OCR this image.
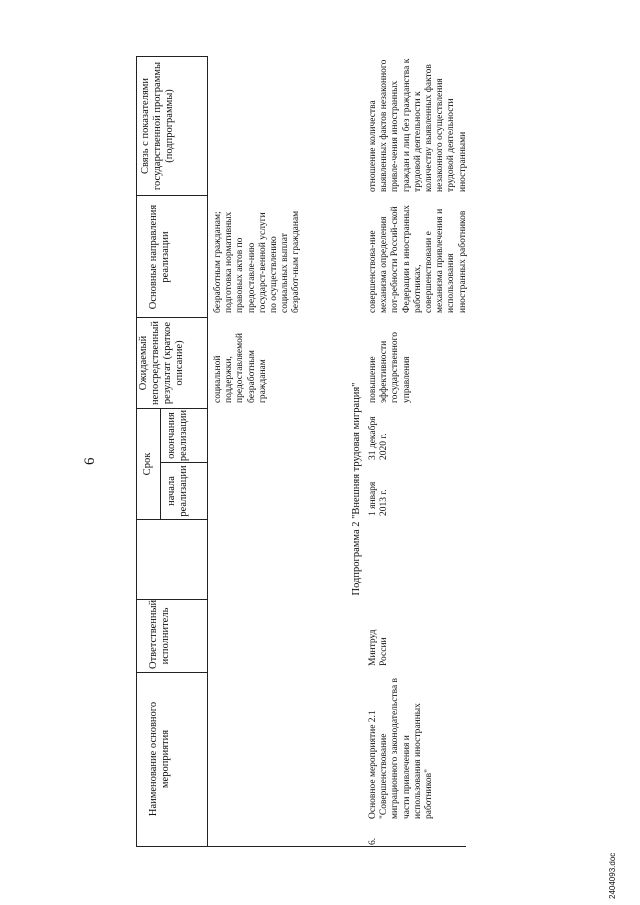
6
Наименование основного мероприятия
Ответственный исполнитель
Срок
начала реализации
окончания реализации
Ожидаемый непосредственный результат (краткое описание)
Основные направления реализации
Связь с показателями государственной программы (подпрограммы)
социальной поддержки, предоставляемой безработным гражданам
безработным гражданам; подготовка нормативных правовых актов по предоставле-нию государст-венной услуги по осуществлению социальных выплат безработ-ным гражданам
Подпрограмма 2 "Внешняя трудовая миграция"
6.
Основное мероприятие 2.1 "Совершенствование миграционного законодательства в части привлечения и использования иностранных работников"
Минтруд России
1 января 2013 г.
31 декабря 2020 г.
повышение эффективности государственного управления
совершенствова-ние механизма определения пот-ребности Россий-ской Федерации в иностранных работниках, совершенствовани е механизма привлечения и использования иностранных работников
отношение количества выявленных фактов незаконного привле-чения иностранных граждан и лиц без гражданства к трудовой деятельности к количеству выявленных фактов незаконного осуществления трудовой деятельности иностранными
2404093.doc
